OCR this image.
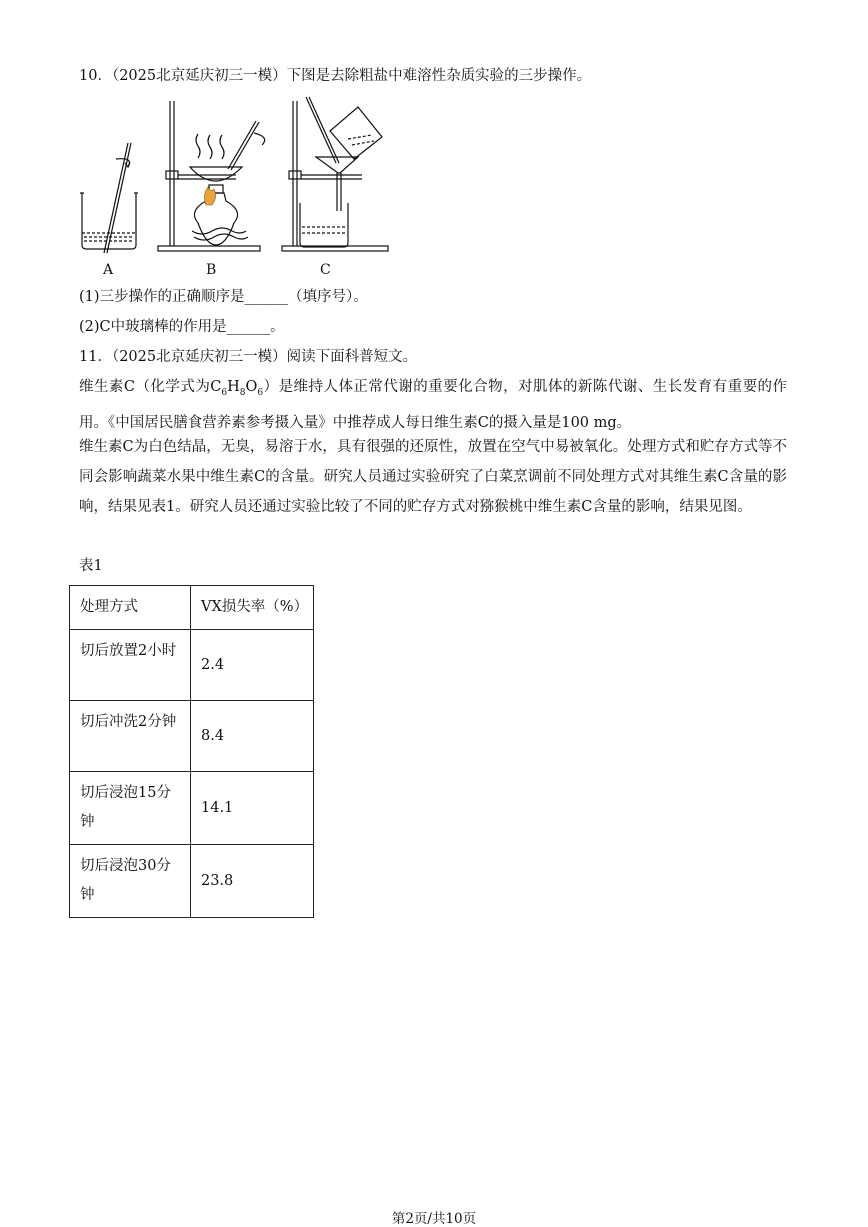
10．（2025北京延庆初三一模）下图是去除粗盐中难溶性杂质实验的三步操作。
A	B	C
(1)三步操作的正确顺序是______（填序号）。
(2)C中玻璃棒的作用是______。
11．（2025北京延庆初三一模）阅读下面科普短文。
维生素C（化学式为$C_6H_8O_6$）是维持人体正常代谢的重要化合物，对肌体的新陈代谢、生长发育有重要的作用。《中国居民膳食营养素参考摄入量》中推荐成人每日维生素C的摄入量是100 mg。
维生素C为白色结晶，无臭，易溶于水，具有很强的还原性，放置在空气中易被氧化。处理方式和贮存方式等不同会影响蔬菜水果中维生素C的含量。研究人员通过实验研究了白菜烹调前不同处理方式对其维生素C含量的影响，结果见表1。研究人员还通过实验比较了不同的贮存方式对猕猴桃中维生素C含量的影响，结果见图。
表1
处理方式	VX损失率（%）
切后放置2小时	2.4
切后冲洗2分钟	8.4
切后浸泡15分钟	14.1
切后浸泡30分钟	23.8
第2页/共10页
